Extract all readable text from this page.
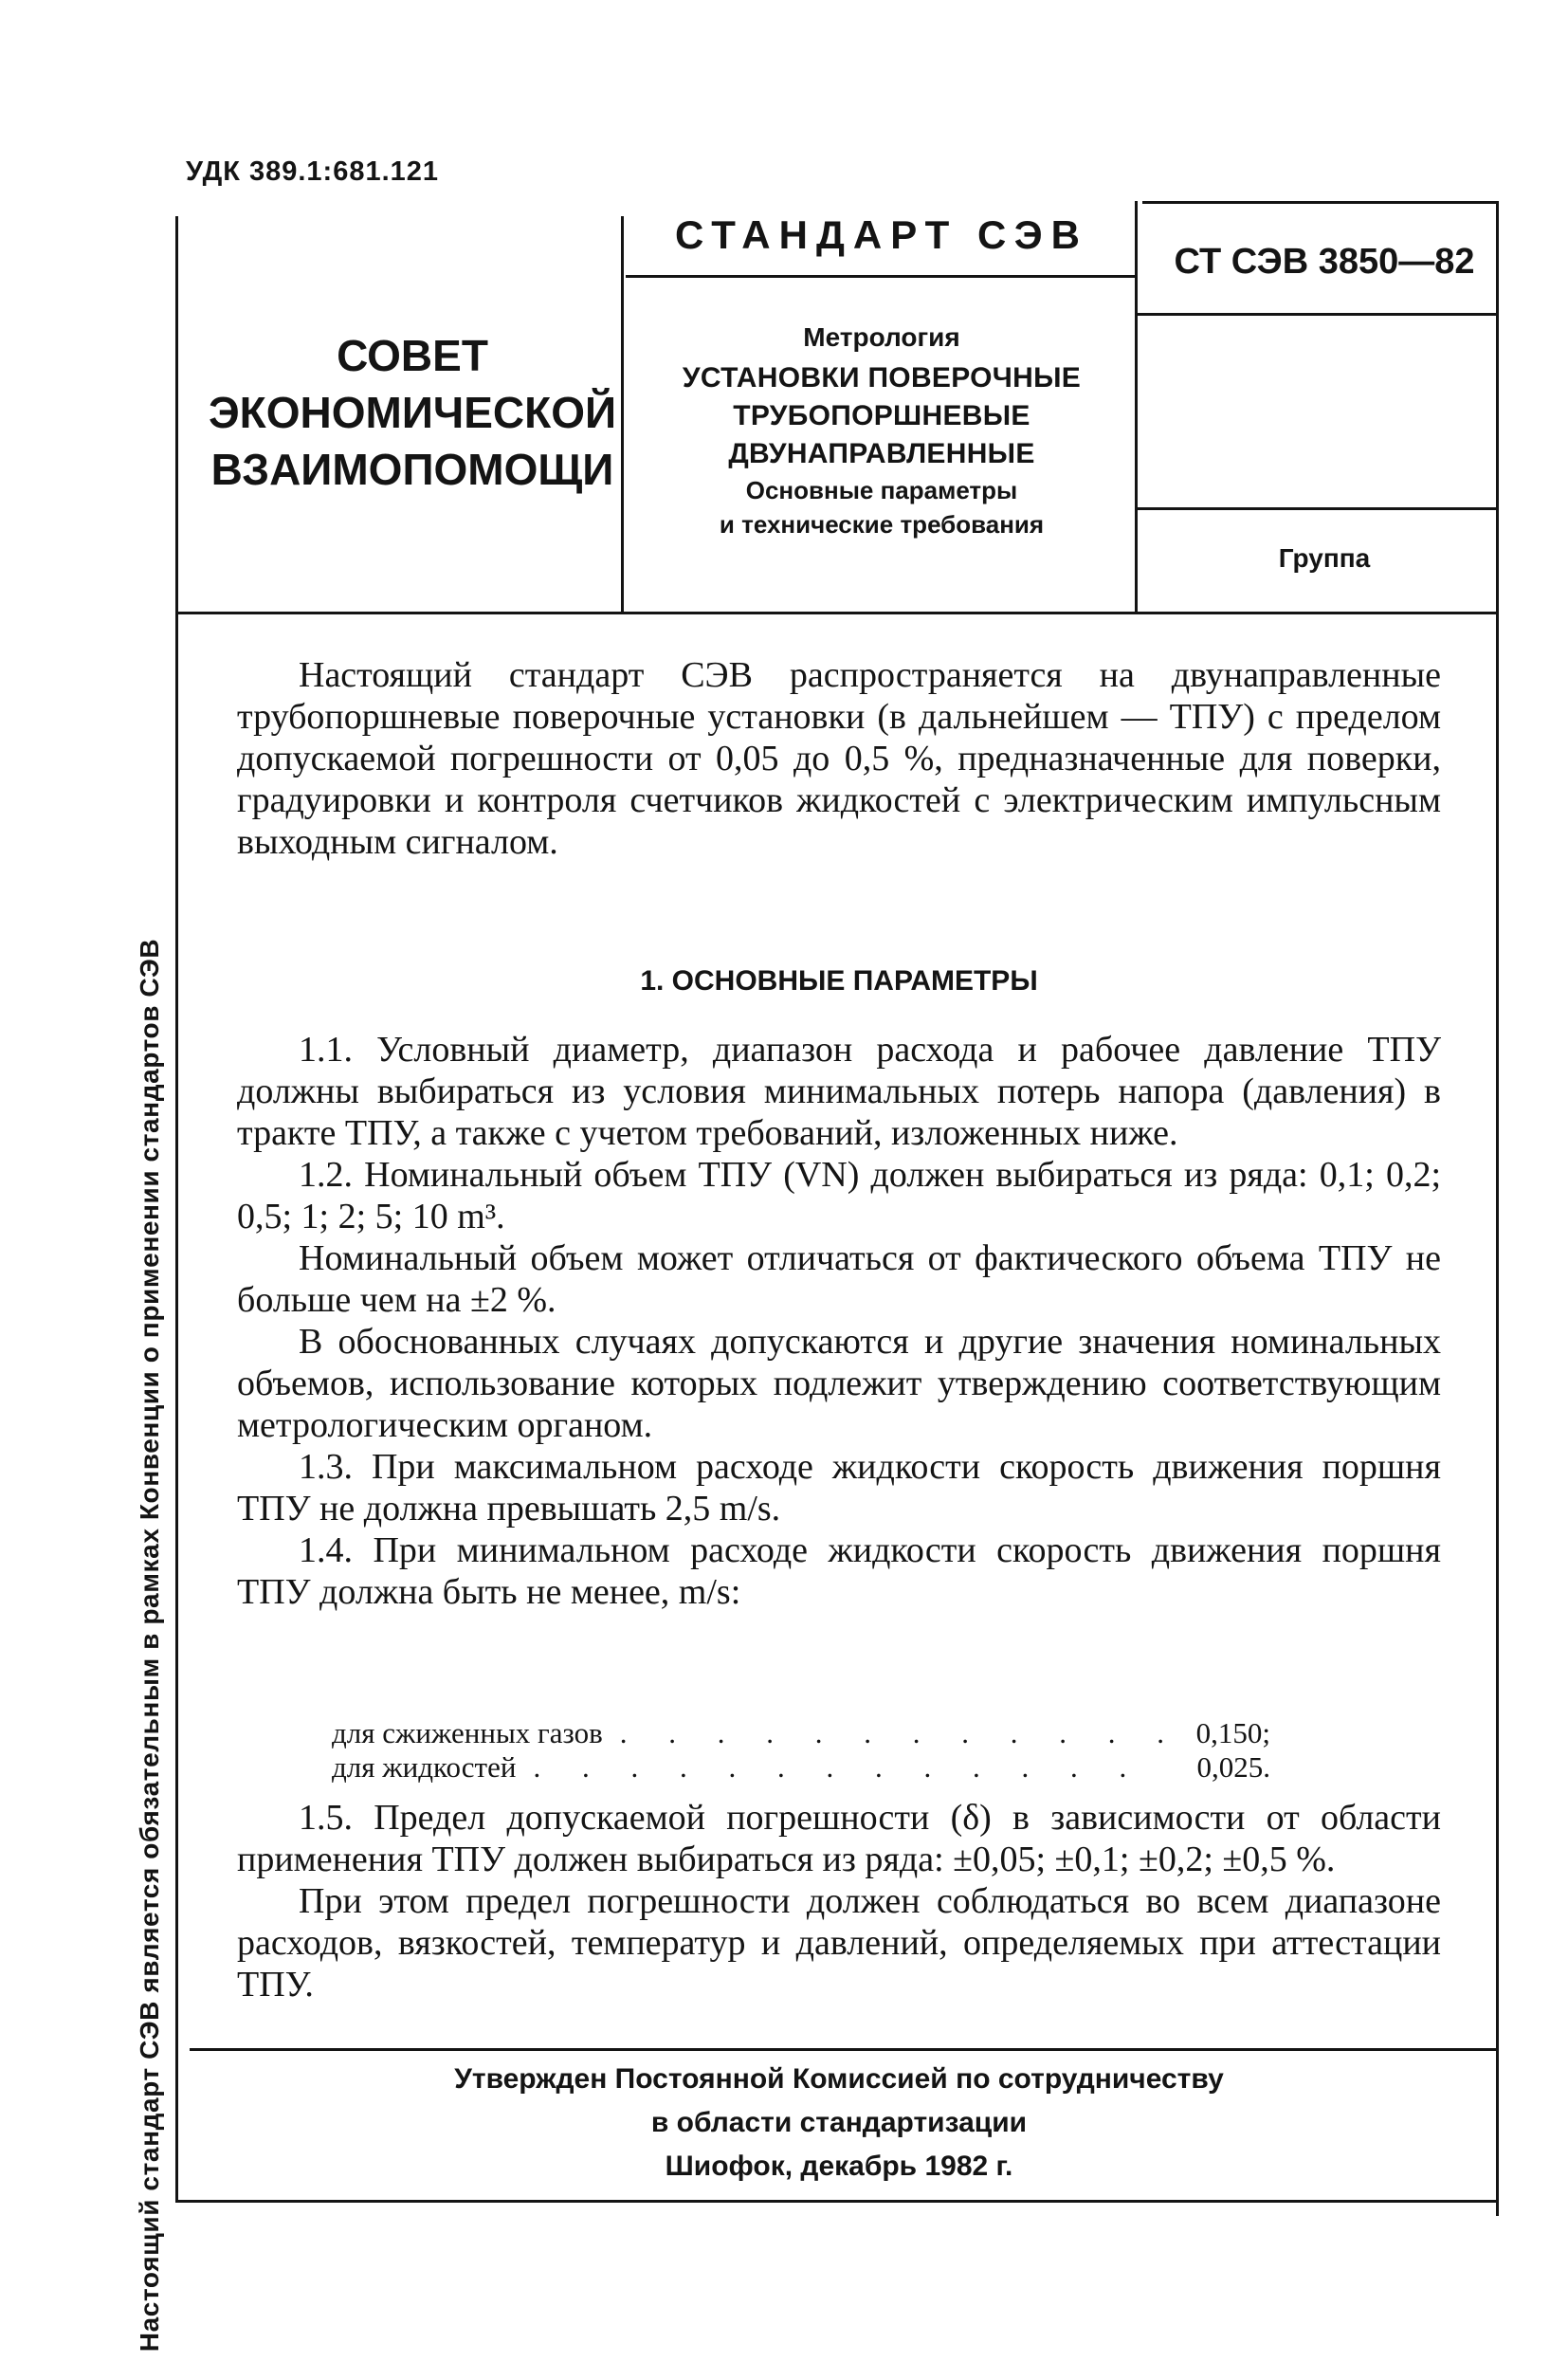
УДК 389.1:681.121
Настоящий стандарт СЭВ является обязательным в рамках Конвенции о применении стандартов СЭВ
СОВЕТ
ЭКОНОМИЧЕСКОЙ
ВЗАИМОПОМОЩИ
СТАНДАРТ СЭВ
Метрология
УСТАНОВКИ ПОВЕРОЧНЫЕ
ТРУБОПОРШНЕВЫЕ
ДВУНАПРАВЛЕННЫЕ
Основные параметры
и технические требования
СТ СЭВ 3850—82
Группа

Настоящий стандарт СЭВ распространяется на двунаправленные трубопоршневые поверочные установки (в дальнейшем — ТПУ) с пределом допускаемой погрешности от 0,05 до 0,5 %, предназначенные для поверки, градуировки и контроля счетчиков жидкостей с электрическим импульсным выходным сигналом.

1. ОСНОВНЫЕ ПАРАМЕТРЫ

1.1. Условный диаметр, диапазон расхода и рабочее давление ТПУ должны выбираться из условия минимальных потерь напора (давления) в тракте ТПУ, а также с учетом требований, изложенных ниже.

1.2. Номинальный объем ТПУ (VN) должен выбираться из ряда: 0,1; 0,2; 0,5; 1; 2; 5; 10 m³.

Номинальный объем может отличаться от фактического объема ТПУ не больше чем на ±2 %.

В обоснованных случаях допускаются и другие значения номинальных объемов, использование которых подлежит утверждению соответствующим метрологическим органом.

1.3. При максимальном расходе жидкости скорость движения поршня ТПУ не должна превышать 2,5 m/s.

1.4. При минимальном расходе жидкости скорость движения поршня ТПУ должна быть не менее, m/s:

для сжиженных газов . . . . . . . . . . . . 0,150;
для жидкостей . . . . . . . . . . . . .	0,025.

1.5. Предел допускаемой погрешности (δ) в зависимости от области применения ТПУ должен выбираться из ряда: ±0,05; ±0,1; ±0,2; ±0,5 %.

При этом предел погрешности должен соблюдаться во всем диапазоне расходов, вязкостей, температур и давлений, определяемых при аттестации ТПУ.

Утвержден Постоянной Комиссией по сотрудничеству
в области стандартизации
Шиофок, декабрь 1982 г.
